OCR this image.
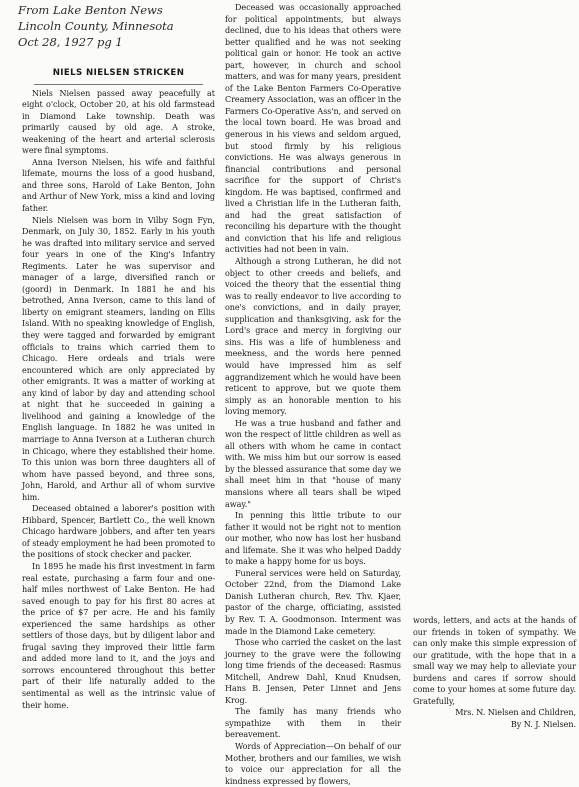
From Lake Benton News
Lincoln County, Minnesota
Oct 28, 1927 pg 1
NIELS NIELSEN STRICKEN

Niels Nielsen passed away peacefully at eight o'clock, October 20, at his old farmstead in Diamond Lake township. Death was primarily caused by old age. A stroke, weakening of the heart and arterial sclerosis were final symptoms.

Anna Iverson Nielsen, his wife and faithful lifemate, mourns the loss of a good husband, and three sons, Harold of Lake Benton, John and Arthur of New York, miss a kind and loving father.

Niels Nielsen was born in Vilby Sogn Fyn, Denmark, on July 30, 1852. Early in his youth he was drafted into military service and served four years in one of the King's Infantry Regiments. Later he was supervisor and manager of a large, diversified ranch or (goord) in Denmark. In 1881 he and his betrothed, Anna Iverson, came to this land of liberty on emigrant steamers, landing on Ellis Island. With no speaking knowledge of English, they were tagged and forwarded by emigrant officials to trains which carried them to Chicago. Here ordeals and trials were encountered which are only appreciated by other emigrants. It was a matter of working at any kind of labor by day and attending school at night that he succeeded in gaining a livelihood and gaining a knowledge of the English language. In 1882 he was united in marriage to Anna Iverson at a Lutheran church in Chicago, where they established their home. To this union was born three daughters all of whom have passed beyond, and three sons, John, Harold, and Arthur all of whom survive him.

Deceased obtained a laborer's position with Hibbard, Spencer, Bartlett Co., the well known Chicago hardware jobbers, and after ten years of steady employment he had been promoted to the positions of stock checker and packer.

In 1895 he made his first investment in farm real estate, purchasing a farm four and one-half miles northwest of Lake Benton. He had saved enough to pay for his first 80 acres at the price of $7 per acre. He and his family experienced the same hardships as other settlers of those days, but by diligent labor and frugal saving they improved their little farm and added more land to it, and the joys and sorrows encountered throughout this better part of their life naturally added to the sentimental as well as the intrinsic value of their home.

Deceased was occasionally approached for political appointments, but always declined, due to his ideas that others were better qualified and he was not seeking political gain or honor. He took an active part, however, in church and school matters, and was for many years, president of the Lake Benton Farmers Co-Operative Creamery Association, was an officer in the Farmers Co-Operative Ass'n, and served on the local town board. He was broad and generous in his views and seldom argued, but stood firmly by his religious convictions. He was always generous in financial contributions and personal sacrifice for the support of Christ's kingdom. He was baptised, confirmed and lived a Christian life in the Lutheran faith, and had the great satisfaction of reconciling his departure with the thought and conviction that his life and religious activities had not been in vain.

Although a strong Lutheran, he did not object to other creeds and beliefs, and voiced the theory that the essential thing was to really endeavor to live according to one's convictions, and in daily prayer, supplication and thanksgiving, ask for the Lord's grace and mercy in forgiving our sins. His was a life of humbleness and meekness, and the words here penned would have impressed him as self aggrandizement which he would have been reticent to approve, but we quote them simply as an honorable mention to his loving memory.

He was a true husband and father and won the respect of little children as well as all others with whom he came in contact with. We miss him but our sorrow is eased by the blessed assurance that some day we shall meet him in that "house of many mansions where all tears shall be wiped away."

In penning this little tribute to our father it would not be right not to mention our mother, who now has lost her husband and lifemate. She it was who helped Daddy to make a happy home for us boys.

Funeral services were held on Saturday, October 22nd, from the Diamond Lake Danish Lutheran church, Rev. Thv. Kjaer, pastor of the charge, officiating, assisted by Rev. T. A. Goodmonson. Interment was made in the Diamond Lake cemetery.

Those who carried the casket on the last journey to the grave were the following long time friends of the deceased: Rasmus Mitchell, Andrew Dahl, Knud Knudsen, Hans B. Jensen, Peter Linnet and Jens Krog.

The family has many friends who sympathize with them in their bereavement.

Words of Appreciation—On behalf of our Mother, brothers and our families, we wish to voice our appreciation for all the kindness expressed by flowers,

words, letters, and acts at the hands of our friends in token of sympathy. We can only make this simple expression of our gratitude, with the hope that in a small way we may help to alleviate your burdens and cares if sorrow should come to your homes at some future day. Gratefully,

Mrs. N. Nielsen and Children,
By N. J. Nielsen.
